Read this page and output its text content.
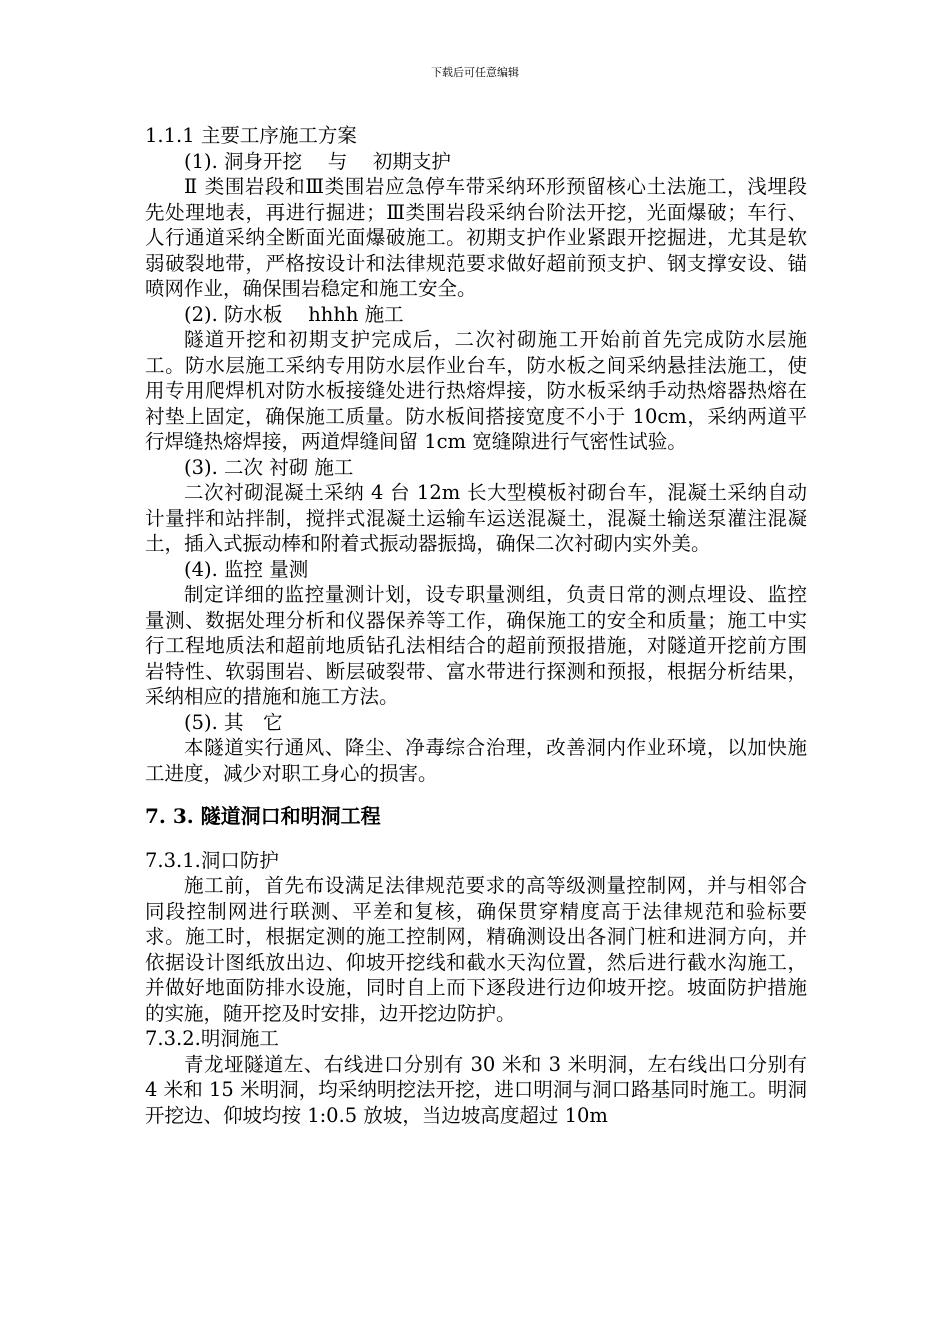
下载后可任意编辑

1.1.1 主要工序施工方案

(1). 洞身开挖　 与　 初期支护

Ⅱ 类围岩段和Ⅲ类围岩应急停车带采纳环形预留核心土法施工，浅埋段先处理地表，再进行掘进；Ⅲ类围岩段采纳台阶法开挖，光面爆破；车行、人行通道采纳全断面光面爆破施工。初期支护作业紧跟开挖掘进，尤其是软弱破裂地带，严格按设计和法律规范要求做好超前预支护、钢支撑安设、锚喷网作业，确保围岩稳定和施工安全。

(2). 防水板　 hhhh 施工

隧道开挖和初期支护完成后，二次衬砌施工开始前首先完成防水层施工。防水层施工采纳专用防水层作业台车，防水板之间采纳悬挂法施工，使用专用爬焊机对防水板接缝处进行热熔焊接，防水板采纳手动热熔器热熔在衬垫上固定，确保施工质量。防水板间搭接宽度不小于 10cm，采纳两道平行焊缝热熔焊接，两道焊缝间留 1cm 宽缝隙进行气密性试验。

(3). 二次 衬砌 施工

二次衬砌混凝土采纳 4 台 12m 长大型模板衬砌台车，混凝土采纳自动计量拌和站拌制，搅拌式混凝土运输车运送混凝土，混凝土输送泵灌注混凝土，插入式振动棒和附着式振动器振捣，确保二次衬砌内实外美。

(4). 监控 量测

制定详细的监控量测计划，设专职量测组，负责日常的测点埋设、监控量测、数据处理分析和仪器保养等工作，确保施工的安全和质量；施工中实行工程地质法和超前地质钻孔法相结合的超前预报措施，对隧道开挖前方围岩特性、软弱围岩、断层破裂带、富水带进行探测和预报，根据分析结果，采纳相应的措施和施工方法。

(5). 其　它

本隧道实行通风、降尘、净毒综合治理，改善洞内作业环境，以加快施工进度，减少对职工身心的损害。

7. 3. 隧道洞口和明洞工程

7.3.1.洞口防护

施工前，首先布设满足法律规范要求的高等级测量控制网，并与相邻合同段控制网进行联测、平差和复核，确保贯穿精度高于法律规范和验标要求。施工时，根据定测的施工控制网，精确测设出各洞门桩和进洞方向，并依据设计图纸放出边、仰坡开挖线和截水天沟位置，然后进行截水沟施工，并做好地面防排水设施，同时自上而下逐段进行边仰坡开挖。坡面防护措施的实施，随开挖及时安排，边开挖边防护。

7.3.2.明洞施工

青龙垭隧道左、右线进口分别有 30 米和 3 米明洞，左右线出口分别有 4 米和 15 米明洞，均采纳明挖法开挖，进口明洞与洞口路基同时施工。明洞开挖边、仰坡均按 1:0.5 放坡，当边坡高度超过 10m
